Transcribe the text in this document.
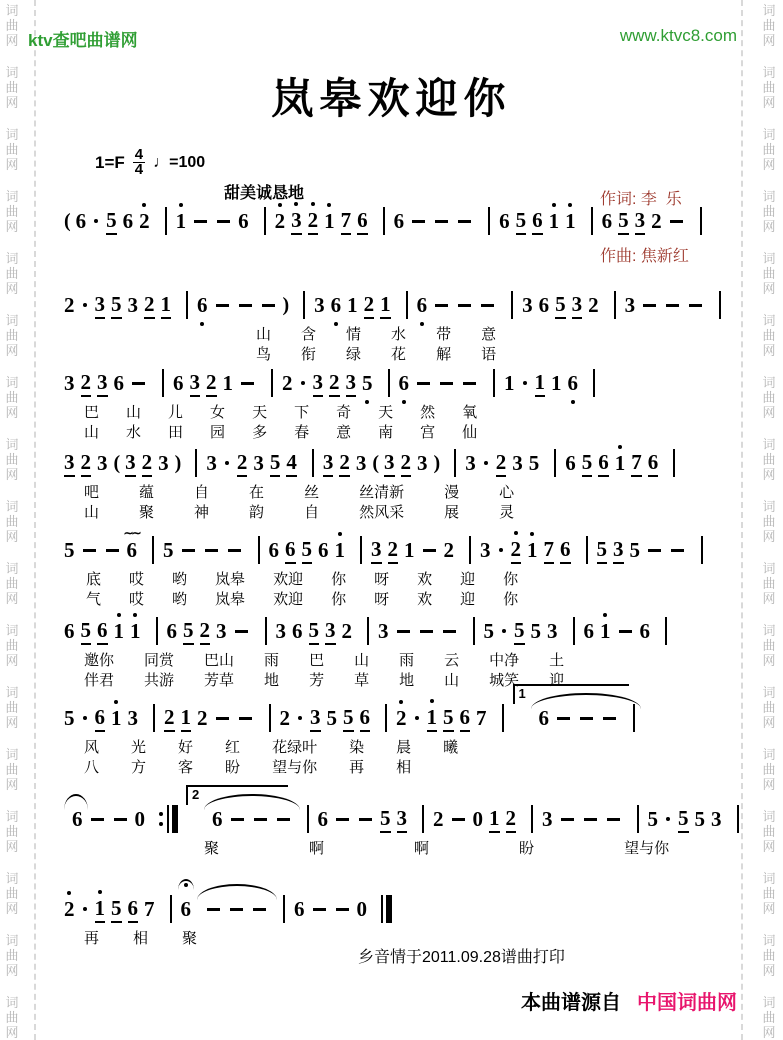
词
曲
网
词
曲
网
词
曲
网
词
曲
网
词
曲
网
词
曲
网
词
曲
网
词
曲
网
词
曲
网
词
曲
网
词
曲
网
词
曲
网
词
曲
网
词
曲
网
词
曲
网
词
曲
网
词
曲
网
词
曲
网
词
曲
网
词
曲
网
词
曲
网
词
曲
网
词
曲
网
词
曲
网
词
曲
网
词
曲
网
词
曲
网
词
曲
网
词
曲
网
词
曲
网
词
曲
网
词
曲
网
词
曲
网
词
曲
网
ktv查吧曲谱网	www.ktvc8.com
岚皋欢迎你
$1=F \frac{4}{4}$ ♩=100
甜美诚恳地

	作词: 李  乐

作曲: 焦新红

( 6 5 6 2 1 6 2 3 2 1 7 6 6	6 5 6 1 1 6 5 3 2
2 3 5 3 2 1 6	) 3 6 1 2 1 6	3 6 5 3 2 3
山 含 情 水 带 意
鸟 衔 绿 花 解 语
3 2 3 6 6 3 2 1 2 3 2 3 5 6	1 1 1 6
巴 山 儿 女 天 下 奇 天 然 氧
山 水 田 园 多 春 意 南 宫 仙
3 2 3 ( 3 2 3 ) 3 2 3 5 4 3 2 3 ( 3 2 3 ) 3 2 3 5 6 5 6 1 7 6
吧	蕴	自	在	丝	丝清新	漫	心
山	聚	神	韵	自	然风采	展	灵
5 6
∼∼ 5	6 6 5 6 1 3 2 1 2 3 2 1 7 6 5 3 5
底 哎 哟 岚皋 欢迎 你 呀 欢 迎 你
气 哎 哟 岚皋 欢迎 你 呀 欢 迎 你
6 5 6 1 1 6 5 2 3 3 6 5 3 2 3	5 5 5 3 6 1 6
邀你 同赏 巴山 雨 巴 山 雨 云 中净 土
伴君 共游 芳草 地 芳 草 地 山 城笑 迎
5 6 1 3 2 1 2	2 3 5 5 6 2 1 5 6 7
1
6
风 光 好 红 花绿叶 染 晨 曦
八 方 客 盼 望与你 再 相
6 0
2
6	6 5 3 2 0 1 2 3	5 5 5 3
聚	啊	啊	盼	望与你
2 1 5 6 7 6	6 0
再 相 聚
乡音情于2011.09.28谱曲打印
本曲谱源自 中国词曲网
